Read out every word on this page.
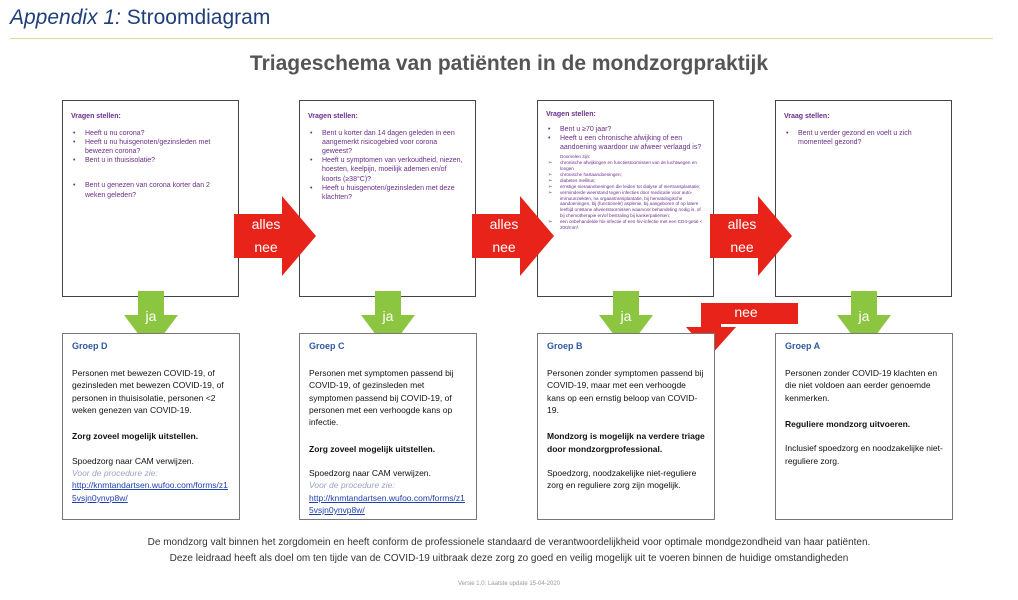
Appendix 1: Stroomdiagram
Triageschema van patiënten in de mondzorgpraktijk
Vragen stellen:
• Heeft u nu corona?
• Heeft u nu huisgenoten/gezinsleden met bewezen corona?
• Bent u in thuisisolatie?
• Bent u genezen van corona korter dan 2 weken geleden?
Vragen stellen:
• Bent u korter dan 14 dagen geleden in een aangemerkt risicogebied voor corona geweest?
• Heeft u symptomen van verkoudheid, niezen, hoesten, keelpijn, moeilijk ademen en/of koorts (≥38°C)?
• Heeft u huisgenoten/gezinsleden met deze klachten?
Vragen stellen:
• Bent u ≥70 jaar?
• Heeft u een chronische afwijking of een aandoening waardoor uw afweer verlaagd is?
Doorvelen zijn:
➢ chronische afwijkingen en functiestoornissen van de luchtwegen en longen
➢ chronische hartaandoeningen;
➢ diabetes mellitus;
➢ ernstige nieraandoeningen die leiden tot dialyse of niertransplantatie;
➢ verminderde weerstand tegen infecties door medicatie voor auto-immuunziekten, na orgaantransplantatie, bij hematologische aandoeningen, bij (functionele) asplenie, bij aangeboren of op latere leeftijd ontstane afweerstoornissen waarvoor behandeling nodig is, of bij chemotherapie en/of bestraling bij kankerpatiënten;
➢ een onbehandelde hiv-infectie of een hiv-infectie met een CD4-getal < 200/mm³.
Vraag stellen:
• Bent u verder gezond en voelt u zich momenteel gezond?
alles
nee
alles
nee
alles
nee
ja	ja	ja	ja
nee
Groep D
Personen met bewezen COVID-19, of gezinsleden met bewezen COVID-19, of personen in thuisisolatie, personen <2 weken genezen van COVID-19.
Zorg zoveel mogelijk uitstellen.
Spoedzorg naar CAM verwijzen.
Voor de procedure zie:
http://knmtandartsen.wufoo.com/forms/z15vsjn0ynvp8w/
Groep C
Personen met symptomen passend bij COVID-19, of gezinsleden met symptomen passend bij COVID-19, of personen met een verhoogde kans op infectie.
Zorg zoveel mogelijk uitstellen.
Spoedzorg naar CAM verwijzen.
Voor de procedure zie:
http://knmtandartsen.wufoo.com/forms/z15vsjn0ynvp8w/
Groep B
Personen zonder symptomen passend bij COVID-19, maar met een verhoogde kans op een ernstig beloop van COVID-19.
Mondzorg is mogelijk na verdere triage door mondzorgprofessional.
Spoedzorg, noodzakelijke niet-reguliere zorg en reguliere zorg zijn mogelijk.
Groep A
Personen zonder COVID-19 klachten en die niet voldoen aan eerder genoemde kenmerken.
Reguliere mondzorg uitvoeren.
Inclusief spoedzorg en noodzakelijke niet-reguliere zorg.
De mondzorg valt binnen het zorgdomein en heeft conform de professionele standaard de verantwoordelijkheid voor optimale mondgezondheid van haar patiënten.
Deze leidraad heeft als doel om ten tijde van de COVID-19 uitbraak deze zorg zo goed en veilig mogelijk uit te voeren binnen de huidige omstandigheden
Versie 1.0: Laatste update 15-04-2020
